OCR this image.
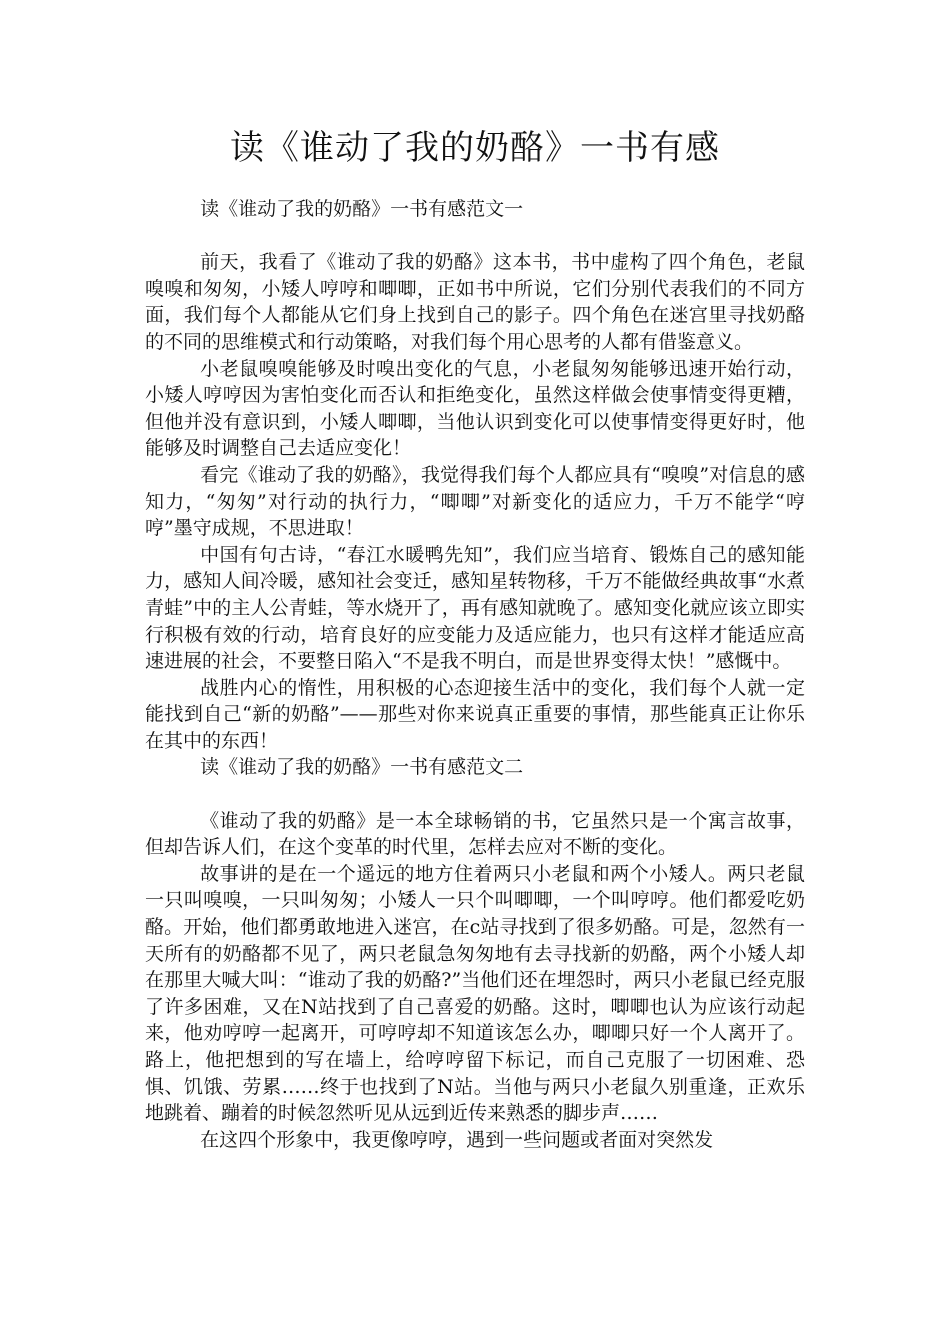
读《谁动了我的奶酪》一书有感

读《谁动了我的奶酪》一书有感范文一

前天，我看了《谁动了我的奶酪》这本书，书中虚构了四个角色，老鼠嗅嗅和匆匆，小矮人哼哼和唧唧，正如书中所说，它们分别代表我们的不同方面，我们每个人都能从它们身上找到自己的影子。四个角色在迷宫里寻找奶酪的不同的思维模式和行动策略，对我们每个用心思考的人都有借鉴意义。

小老鼠嗅嗅能够及时嗅出变化的气息，小老鼠匆匆能够迅速开始行动，小矮人哼哼因为害怕变化而否认和拒绝变化，虽然这样做会使事情变得更糟，但他并没有意识到，小矮人唧唧，当他认识到变化可以使事情变得更好时，他能够及时调整自己去适应变化！

看完《谁动了我的奶酪》，我觉得我们每个人都应具有“嗅嗅”对信息的感知力，“匆匆”对行动的执行力，“唧唧”对新变化的适应力，千万不能学“哼哼”墨守成规，不思进取！

中国有句古诗，“春江水暖鸭先知”，我们应当培育、锻炼自己的感知能力，感知人间冷暖，感知社会变迁，感知星转物移，千万不能做经典故事“水煮青蛙”中的主人公青蛙，等水烧开了，再有感知就晚了。感知变化就应该立即实行积极有效的行动，培育良好的应变能力及适应能力，也只有这样才能适应高速进展的社会，不要整日陷入“不是我不明白，而是世界变得太快！”感慨中。

战胜内心的惰性，用积极的心态迎接生活中的变化，我们每个人就一定能找到自己“新的奶酪”——那些对你来说真正重要的事情，那些能真正让你乐在其中的东西！

读《谁动了我的奶酪》一书有感范文二

《谁动了我的奶酪》是一本全球畅销的书，它虽然只是一个寓言故事，但却告诉人们，在这个变革的时代里，怎样去应对不断的变化。

故事讲的是在一个遥远的地方住着两只小老鼠和两个小矮人。两只老鼠一只叫嗅嗅，一只叫匆匆；小矮人一只个叫唧唧，一个叫哼哼。他们都爱吃奶酪。开始，他们都勇敢地进入迷宫，在c站寻找到了很多奶酪。可是，忽然有一天所有的奶酪都不见了，两只老鼠急匆匆地有去寻找新的奶酪，两个小矮人却在那里大喊大叫：“谁动了我的奶酪?”当他们还在埋怨时，两只小老鼠已经克服了许多困难，又在N站找到了自己喜爱的奶酪。这时，唧唧也认为应该行动起来，他劝哼哼一起离开，可哼哼却不知道该怎么办，唧唧只好一个人离开了。路上，他把想到的写在墙上，给哼哼留下标记，而自己克服了一切困难、恐惧、饥饿、劳累……终于也找到了N站。当他与两只小老鼠久别重逢，正欢乐地跳着、蹦着的时候忽然听见从远到近传来熟悉的脚步声……

在这四个形象中，我更像哼哼，遇到一些问题或者面对突然发
